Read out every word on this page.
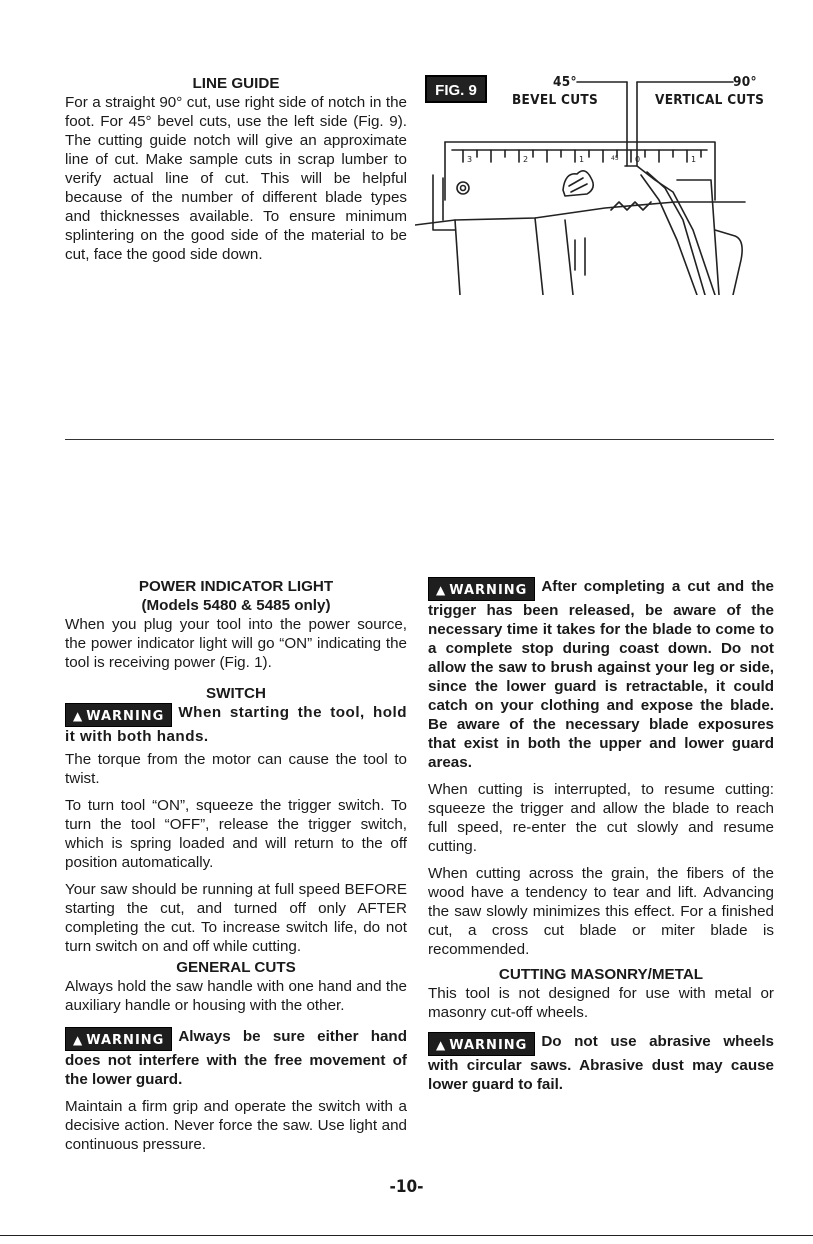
LINE GUIDE

For a straight 90° cut, use right side of notch in the foot. For 45° bevel cuts, use the left side (Fig. 9). The cutting guide notch will give an approximate line of cut. Make sample cuts in scrap lumber to verify actual line of cut. This will be helpful because of the number of different blade types and thicknesses available. To ensure minimum splintering on the good side of the material to be cut, face the good side down.

FIG. 9	45°
BEVEL CUTS
90°
VERTICAL CUTS
3	2	1	45 0	1

POWER INDICATOR LIGHT

(Models 5480 & 5485 only)

When you plug your tool into the power source, the power indicator light will go “ON” indicating the tool is receiving power (Fig. 1).

SWITCH

▲ WARNING When starting the tool, hold it with both hands.

The torque from the motor can cause the tool to twist.

To turn tool “ON”, squeeze the trigger switch. To turn the tool “OFF”, release the trigger switch, which is spring loaded and will return to the off position automatically.

Your saw should be running at full speed BEFORE starting the cut, and turned off only AFTER completing the cut. To increase switch life, do not turn switch on and off while cutting.

GENERAL CUTS

Always hold the saw handle with one hand and the auxiliary handle or housing with the other.

▲ WARNING Always be sure either hand does not interfere with the free movement of the lower guard.

Maintain a firm grip and operate the switch with a decisive action. Never force the saw. Use light and continuous pressure.

▲ WARNING After completing a cut and the trigger has been released, be aware of the necessary time it takes for the blade to come to a complete stop during coast down. Do not allow the saw to brush against your leg or side, since the lower guard is retractable, it could catch on your clothing and expose the blade. Be aware of the necessary blade exposures that exist in both the upper and lower guard areas.

When cutting is interrupted, to resume cutting: squeeze the trigger and allow the blade to reach full speed, re-enter the cut slowly and resume cutting.

When cutting across the grain, the fibers of the wood have a tendency to tear and lift. Advancing the saw slowly minimizes this effect. For a finished cut, a cross cut blade or miter blade is recommended.

CUTTING MASONRY/METAL

This tool is not designed for use with metal or masonry cut-off wheels.

▲ WARNING Do not use abrasive wheels with circular saws. Abrasive dust may cause lower guard to fail.

-10-
